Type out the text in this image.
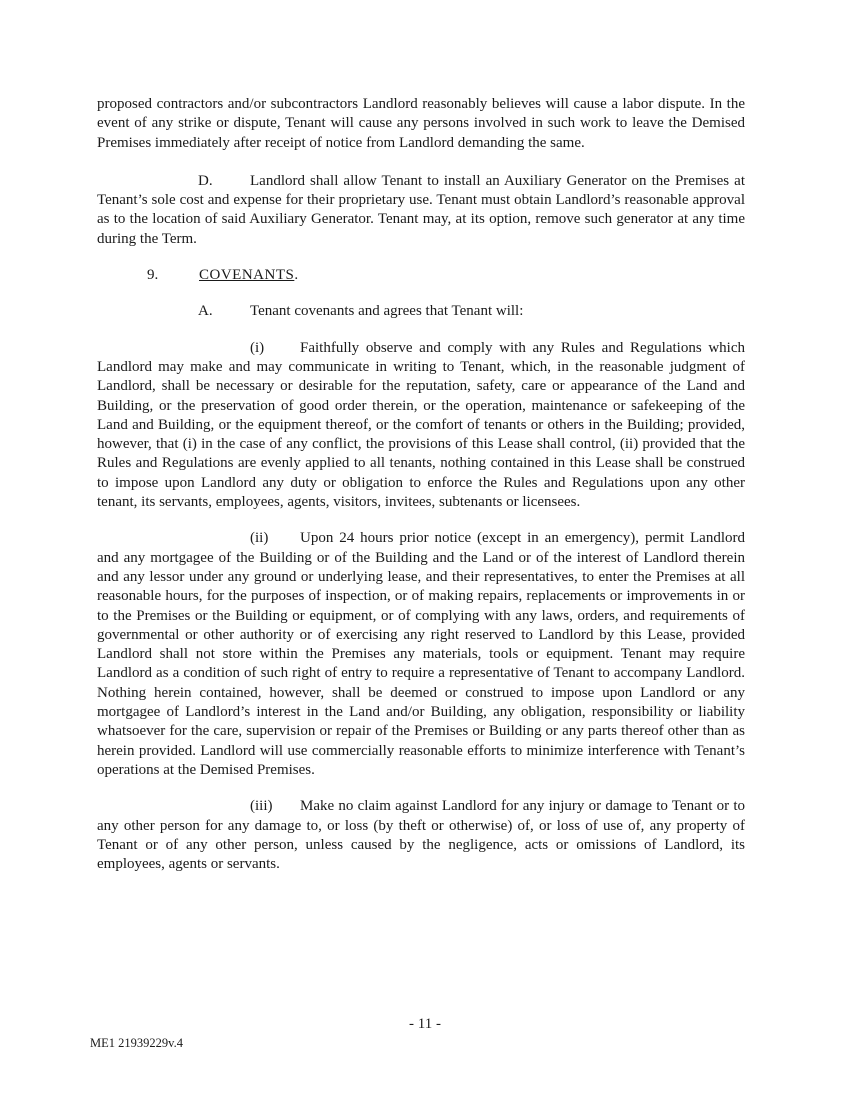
proposed contractors and/or subcontractors Landlord reasonably believes will cause a labor dispute. In the event of any strike or dispute, Tenant will cause any persons involved in such work to leave the Demised Premises immediately after receipt of notice from Landlord demanding the same.

D. Landlord shall allow Tenant to install an Auxiliary Generator on the Premises at Tenant’s sole cost and expense for their proprietary use. Tenant must obtain Landlord’s reasonable approval as to the location of said Auxiliary Generator. Tenant may, at its option, remove such generator at any time during the Term.

9.	COVENANTS.

A. Tenant covenants and agrees that Tenant will:

(i) Faithfully observe and comply with any Rules and Regulations which Landlord may make and may communicate in writing to Tenant, which, in the reasonable judgment of Landlord, shall be necessary or desirable for the reputation, safety, care or appearance of the Land and Building, or the preservation of good order therein, or the operation, maintenance or safekeeping of the Land and Building, or the equipment thereof, or the comfort of tenants or others in the Building; provided, however, that (i) in the case of any conflict, the provisions of this Lease shall control, (ii) provided that the Rules and Regulations are evenly applied to all tenants, nothing contained in this Lease shall be construed to impose upon Landlord any duty or obligation to enforce the Rules and Regulations upon any other tenant, its servants, employees, agents, visitors, invitees, subtenants or licensees.

(ii) Upon 24 hours prior notice (except in an emergency), permit Landlord and any mortgagee of the Building or of the Building and the Land or of the interest of Landlord therein and any lessor under any ground or underlying lease, and their representatives, to enter the Premises at all reasonable hours, for the purposes of inspection, or of making repairs, replacements or improvements in or to the Premises or the Building or equipment, or of complying with any laws, orders, and requirements of governmental or other authority or of exercising any right reserved to Landlord by this Lease, provided Landlord shall not store within the Premises any materials, tools or equipment. Tenant may require Landlord as a condition of such right of entry to require a representative of Tenant to accompany Landlord. Nothing herein contained, however, shall be deemed or construed to impose upon Landlord or any mortgagee of Landlord’s interest in the Land and/or Building, any obligation, responsibility or liability whatsoever for the care, supervision or repair of the Premises or Building or any parts thereof other than as herein provided. Landlord will use commercially reasonable efforts to minimize interference with Tenant’s operations at the Demised Premises.

(iii) Make no claim against Landlord for any injury or damage to Tenant or to any other person for any damage to, or loss (by theft or otherwise) of, or loss of use of, any property of Tenant or of any other person, unless caused by the negligence, acts or omissions of Landlord, its employees, agents or servants.

- 11 -
ME1 21939229v.4
